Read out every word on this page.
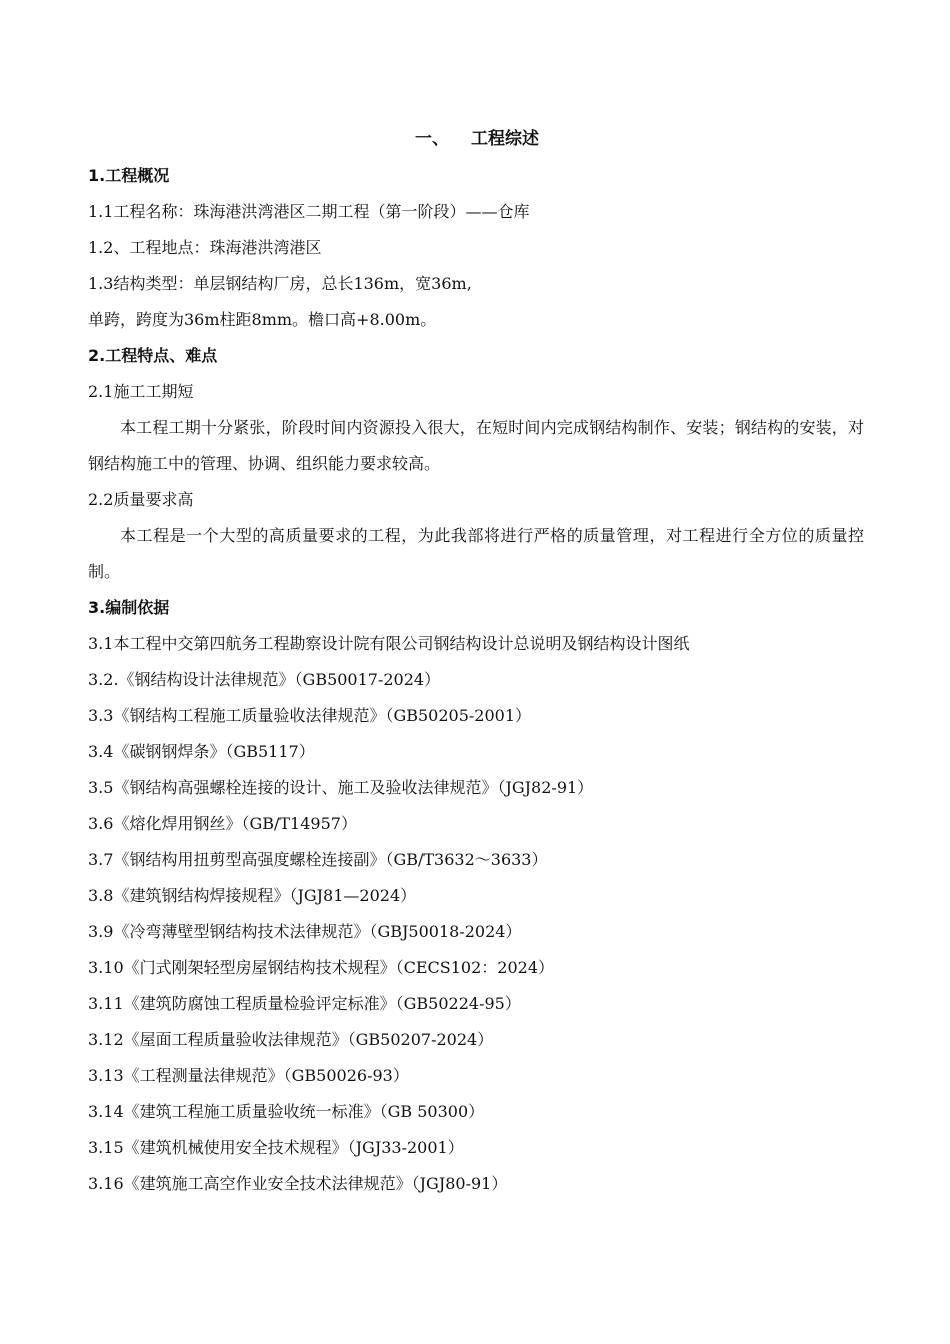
一、 工程综述
1.工程概况
1.1工程名称：珠海港洪湾港区二期工程（第一阶段）——仓库
1.2、工程地点：珠海港洪湾港区
1.3结构类型：单层钢结构厂房，总长136m，宽36m,
单跨，跨度为36m柱距8mm。檐口高+8.00m。
2.工程特点、难点
2.1施工工期短
本工程工期十分紧张，阶段时间内资源投入很大，在短时间内完成钢结构制作、安装；钢结构的安装，对钢结构施工中的管理、协调、组织能力要求较高。
2.2质量要求高
本工程是一个大型的高质量要求的工程，为此我部将进行严格的质量管理，对工程进行全方位的质量控制。
3.编制依据
3.1本工程中交第四航务工程勘察设计院有限公司钢结构设计总说明及钢结构设计图纸
3.2.《钢结构设计法律规范》（GB50017-2024）
3.3《钢结构工程施工质量验收法律规范》（GB50205-2001）
3.4《碳钢钢焊条》（GB5117）
3.5《钢结构高强螺栓连接的设计、施工及验收法律规范》（JGJ82-91）
3.6《熔化焊用钢丝》（GB/T14957）
3.7《钢结构用扭剪型高强度螺栓连接副》（GB/T3632～3633）
3.8《建筑钢结构焊接规程》（JGJ81—2024）
3.9《冷弯薄壁型钢结构技术法律规范》（GBJ50018-2024）
3.10《门式刚架轻型房屋钢结构技术规程》（CECS102：2024）
3.11《建筑防腐蚀工程质量检验评定标准》（GB50224-95）
3.12《屋面工程质量验收法律规范》（GB50207-2024）
3.13《工程测量法律规范》（GB50026-93）
3.14《建筑工程施工质量验收统一标准》（GB 50300）
3.15《建筑机械使用安全技术规程》（JGJ33-2001）
3.16《建筑施工高空作业安全技术法律规范》（JGJ80-91）
